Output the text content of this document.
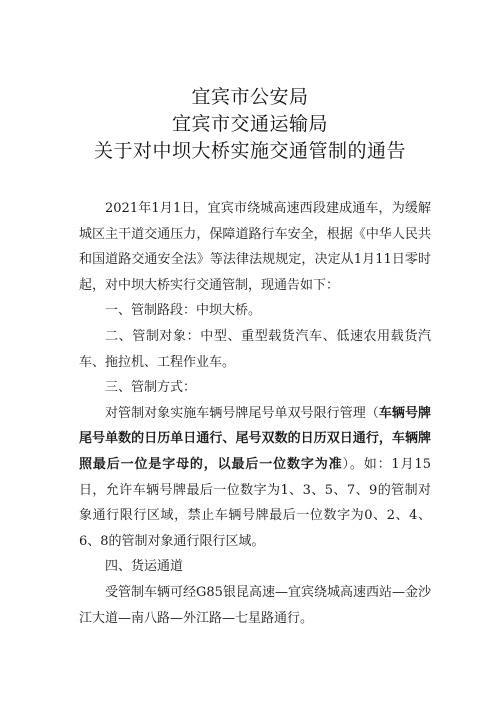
宜宾市公安局
宜宾市交通运输局
关于对中坝大桥实施交通管制的通告

2021年1月1日，宜宾市绕城高速西段建成通车，为缓解城区主干道交通压力，保障道路行车安全，根据《中华人民共和国道路交通安全法》等法律法规规定，决定从1月11日零时起，对中坝大桥实行交通管制，现通告如下：

一、管制路段：中坝大桥。

二、管制对象：中型、重型载货汽车、低速农用载货汽车、拖拉机、工程作业车。

三、管制方式：

对管制对象实施车辆号牌尾号单双号限行管理（车辆号牌尾号单数的日历单日通行、尾号双数的日历双日通行，车辆牌照最后一位是字母的，以最后一位数字为准）。如：1月15日，允许车辆号牌最后一位数字为1、3、5、7、9的管制对象通行限行区域，禁止车辆号牌最后一位数字为0、2、4、6、8的管制对象通行限行区域。

四、货运通道

受管制车辆可经G85银昆高速—宜宾绕城高速西站—金沙江大道—南八路—外江路—七星路通行。
